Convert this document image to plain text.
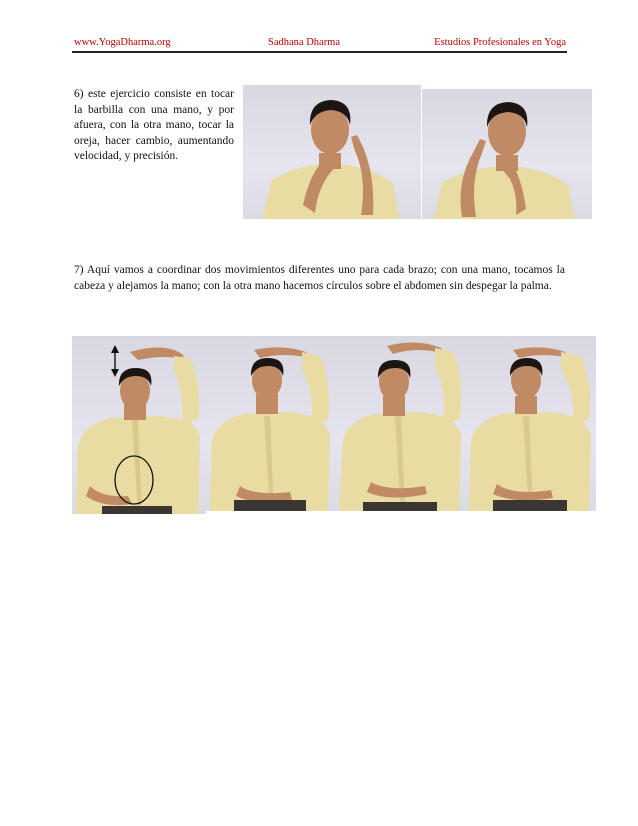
www.YogaDharma.org	Sadhana Dharma	Estudios Profesionales en Yoga
6) este ejercicio consiste en tocar la barbilla con una mano, y por afuera, con la otra mano, tocar la oreja, hacer cambio, aumentando velocidad, y precisión.
7) Aquí vamos a coordinar dos movimientos diferentes uno para cada brazo; con una mano, tocamos la cabeza y alejamos la mano; con la otra mano hacemos círculos sobre el abdomen sin despegar la palma.
